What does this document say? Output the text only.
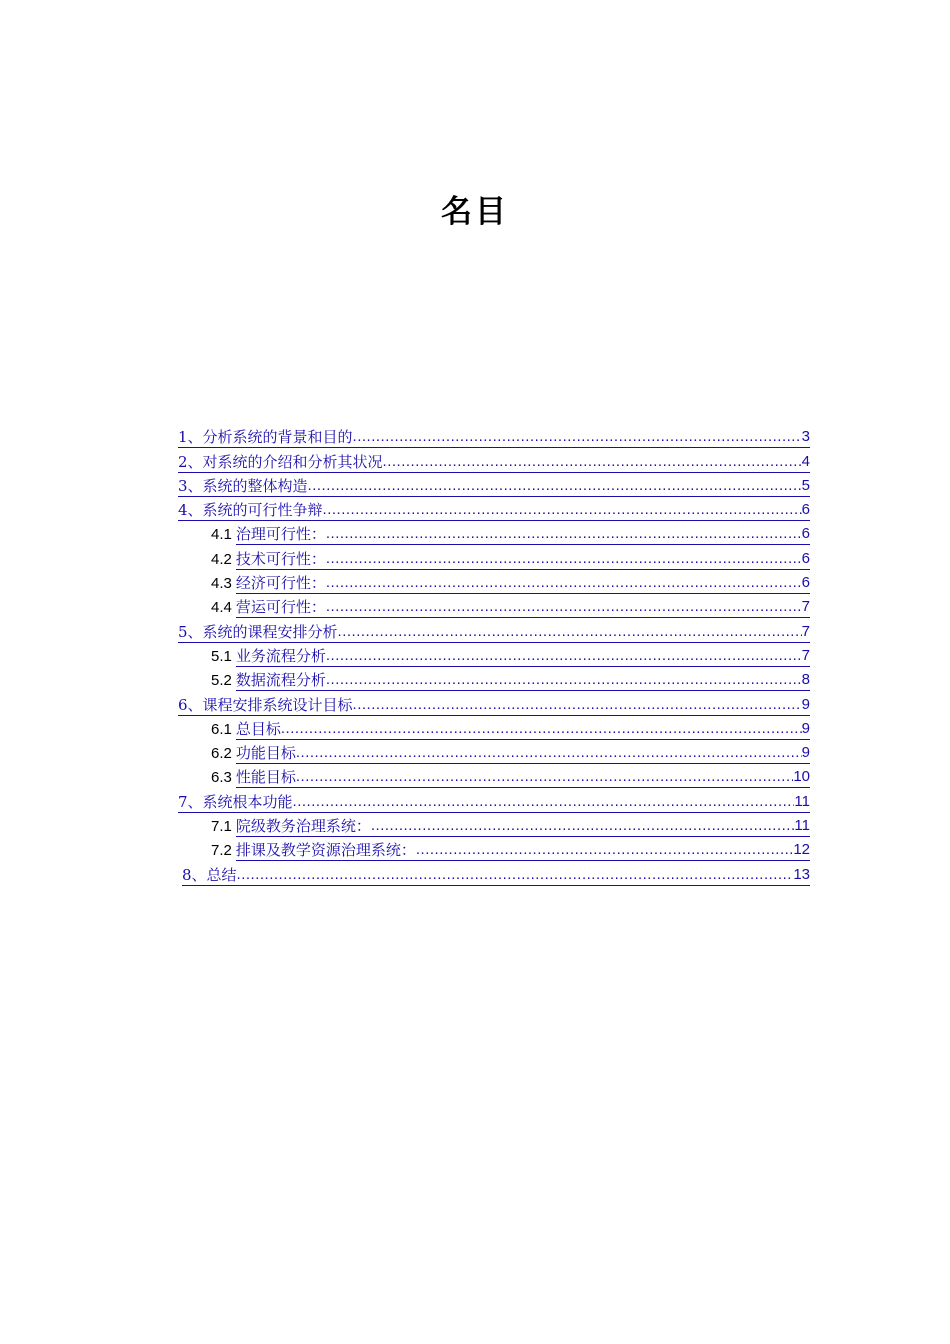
名目
1、分析系统的背景和目的 .....	3
2、对系统的介绍和分析其状况 .....	4
3、系统的整体构造 .....	5
4、系统的可行性争辩 .....	6
4.1 治理可行性： .....	6
4.2 技术可行性： .....	6
4.3 经济可行性： .....	6
4.4 营运可行性： .....	7
5、系统的课程安排分析 .....	7
5.1 业务流程分析 .....	7
5.2 数据流程分析 .....	8
6、课程安排系统设计目标 .....	9
6.1 总目标 .....	9
6.2 功能目标 .....	9
6.3 性能目标 .....	10
7、系统根本功能 .....	11
7.1 院级教务治理系统： .....	11
7.2 排课及教学资源治理系统： .....	12
8、总结 .....	13
